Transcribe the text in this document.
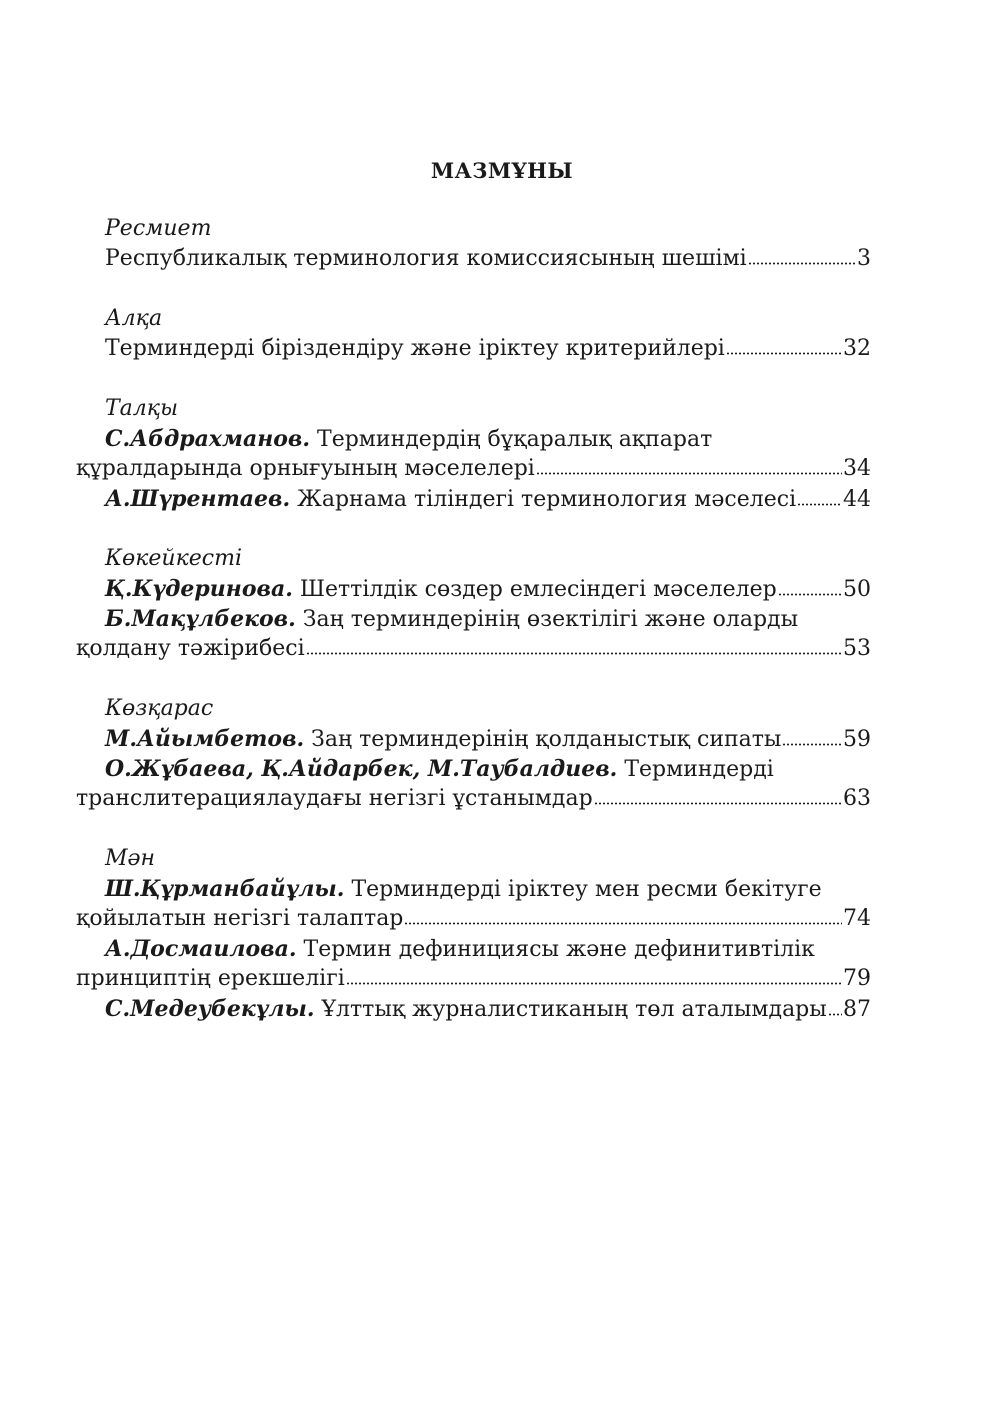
МАЗМҰНЫ
Ресмиет
Республикалық терминология комиссиясының шешімі	3
Алқа
Терминдерді біріздендіру және іріктеу критерийлері	32
Талқы
С.Абдрахманов.
Терминдердің бұқаралық ақпарат
құралдарында орнығуының мәселелері	34
А.Шүрентаев.
Жарнама тіліндегі терминология мәселесі 44
Көкейкесті
Қ.Күдеринова.
Шеттілдік сөздер емлесіндегі мәселелер	50
Б.Мақұлбеков.
Заң терминдерінің өзектілігі және оларды
қолдану тәжірибесі	53
Көзқарас
М.Айымбетов.
Заң терминдерінің қолданыстық сипаты	59
О.Жұбаева, Қ.Айдарбек, М.Таубалдиев.
Терминдерді
транслитерациялаудағы негізгі ұстанымдар	63
Мән
Ш.Құрманбайұлы.
Терминдерді іріктеу мен ресми бекітуге
қойылатын негізгі талаптар	74
А.Досмаилова.
Термин дефинициясы және дефинитивтілік
принциптің ерекшелігі	79
С.Медеубекұлы.
Ұлттық журналистиканың төл аталымдары 87
